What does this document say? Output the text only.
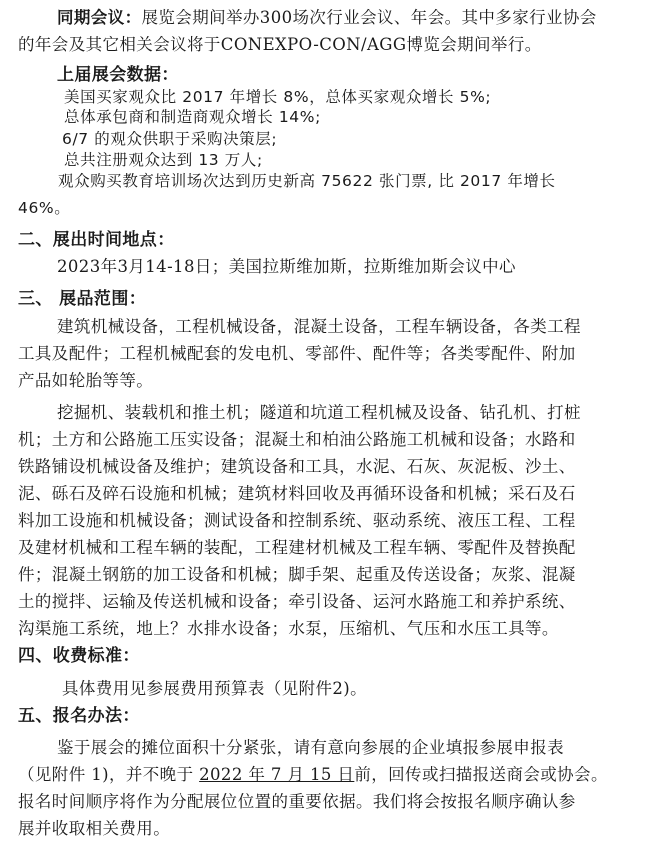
同期会议：展览会期间举办300场次行业会议、年会。其中多家行业协会
的年会及其它相关会议将于CONEXPO-CON/AGG博览会期间举行。
上届展会数据：
美国买家观众比 2017 年增长 8%，总体买家观众增长 5%;
总体承包商和制造商观众增长 14%;
6/7 的观众供职于采购决策层;
总共注册观众达到 13 万人;
观众购买教育培训场次达到历史新高 75622 张门票, 比 2017 年增长
46%。
二、展出时间地点：
2023年3月14-18日；美国拉斯维加斯，拉斯维加斯会议中心
三、 展品范围：
建筑机械设备，工程机械设备，混凝土设备，工程车辆设备，各类工程
工具及配件；工程机械配套的发电机、零部件、配件等；各类零配件、附加
产品如轮胎等等。
挖掘机、装载机和推土机；隧道和坑道工程机械及设备、钻孔机、打桩
机；土方和公路施工压实设备；混凝土和柏油公路施工机械和设备；水路和
铁路铺设机械设备及维护；建筑设备和工具，水泥、石灰、灰泥板、沙土、
泥、砾石及碎石设施和机械；建筑材料回收及再循环设备和机械；采石及石
料加工设施和机械设备；测试设备和控制系统、驱动系统、液压工程、工程
及建材机械和工程车辆的装配，工程建材机械及工程车辆、零配件及替换配
件；混凝土钢筋的加工设备和机械；脚手架、起重及传送设备；灰浆、混凝
土的搅拌、运输及传送机械和设备；牵引设备、运河水路施工和养护系统、
沟渠施工系统，地上？水排水设备；水泵，压缩机、气压和水压工具等。
四、收费标准：
具体费用见参展费用预算表（见附件2)。
五、报名办法：
鉴于展会的摊位面积十分紧张，请有意向参展的企业填报参展申报表
（见附件 1)，并不晚于 2022 年 7 月 15 日前，回传或扫描报送商会或协会。
报名时间顺序将作为分配展位位置的重要依据。我们将会按报名顺序确认参
展并收取相关费用。
